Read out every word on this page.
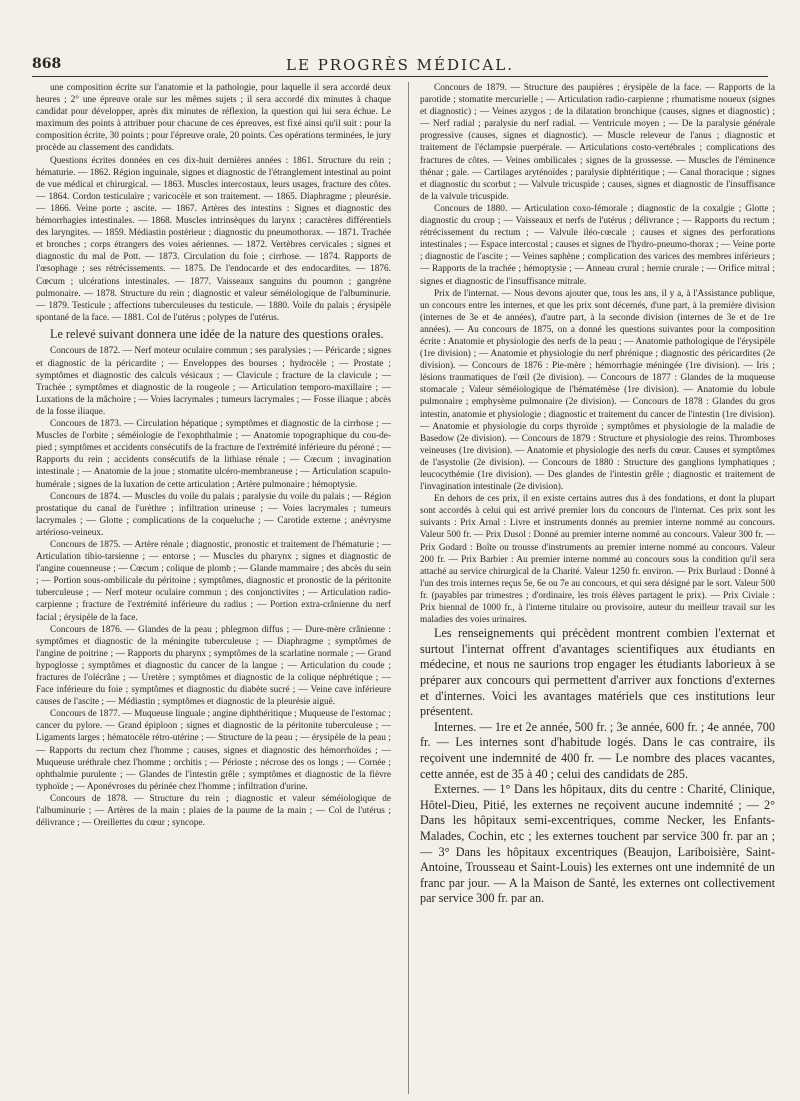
868	LE PROGRÈS MÉDICAL.

une composition écrite sur l'anatomie et la pathologie, pour laquelle il sera accordé deux heures ; 2° une épreuve orale sur les mêmes sujets ; il sera accordé dix minutes à chaque candidat pour développer, après dix minutes de réflexion, la question qui lui sera échue. Le maximum des points à attribuer pour chacune de ces épreuves, est fixé ainsi qu'il suit : pour la composition écrite, 30 points ; pour l'épreuve orale, 20 points. Ces opérations terminées, le jury procède au classement des candidats.

Questions écrites données en ces dix-huit dernières années : 1861. Structure du rein ; hématurie. — 1862. Région inguinale, signes et diagnostic de l'étranglement intestinal au point de vue médical et chirurgical. — 1863. Muscles intercostaux, leurs usages, fracture des côtes. — 1864. Cordon testiculaire ; varicocèle et son traitement. — 1865. Diaphragme ; pleurésie. — 1866. Veine porte ; ascite. — 1867. Artères des intestins : Signes et diagnostic des hémorrhagies intestinales. — 1868. Muscles intrinsèques du larynx ; caractères différentiels des laryngites. — 1859. Médiastin postérieur ; diagnostic du pneumothorax. — 1871. Trachée et bronches ; corps étrangers des voies aériennes. — 1872. Vertèbres cervicales ; signes et diagnostic du mal de Pott. — 1873. Circulation du foie ; cirrhose. — 1874. Rapports de l'œsophage ; ses rétrécissements. — 1875. De l'endocarde et des endocardites. — 1876. Cœcum ; ulcérations intestinales. — 1877. Vaisseaux sanguins du poumon ; gangrène pulmonaire. — 1878. Structure du rein ; diagnostic et valeur séméiologique de l'albuminurie. — 1879. Testicule ; affections tuberculeuses du testicule. — 1880. Voile du palais ; érysipèle spontané de la face. — 1881. Col de l'utérus ; polypes de l'utérus.

Le relevé suivant donnera une idée de la nature des questions orales.

Concours de 1872. — Nerf moteur oculaire commun ; ses paralysies ; — Péricarde ; signes et diagnostic de la péricardite ; — Enveloppes des bourses ; hydrocèle ; — Prostate ; symptômes et diagnostic des calculs vésicaux ; — Clavicule ; fracture de la clavicule ; — Trachée ; symptômes et diagnostic de la rougeole ; — Articulation temporo-maxillaire ; — Luxations de la mâchoire ; — Voies lacrymales ; tumeurs lacrymales ; — Fosse iliaque ; abcès de la fosse iliaque.

Concours de 1873. — Circulation hépatique ; symptômes et diagnostic de la cirrhose ; — Muscles de l'orbite ; séméiologie de l'exophthalmie ; — Anatomie topographique du cou-de-pied ; symptômes et accidents consécutifs de la fracture de l'extrémité inférieure du péroné ; — Rapports du rein ; accidents consécutifs de la lithiase rénale ; — Cœcum ; invagination intestinale ; — Anatomie de la joue ; stomatite ulcéro-membraneuse ; — Articulation scapulo-humérale ; signes de la luxation de cette articulation ; Artère pulmonaire ; hémoptysie.

Concours de 1874. — Muscles du voile du palais ; paralysie du voile du palais ; — Région prostatique du canal de l'urèthre ; infiltration urineuse ; — Voies lacrymales ; tumeurs lacrymales ; — Glotte ; complications de la coqueluche ; — Carotide externe ; anévrysme artérioso-veineux.

Concours de 1875. — Artère rénale ; diagnostic, pronostic et traitement de l'hématurie ; — Articulation tibio-tarsienne ; — entorse ; — Muscles du pharynx ; signes et diagnostic de l'angine couenneuse ; — Cœcum ; colique de plomb ; — Glande mammaire ; des abcès du sein ; — Portion sous-ombilicale du péritoine ; symptômes, diagnostic et pronostic de la péritonite tuberculeuse ; — Nerf moteur oculaire commun ; des conjonctivites ; — Articulation radio-carpienne ; fracture de l'extrémité inférieure du radius ; — Portion extra-crânienne du nerf facial ; érysipèle de la face.

Concours de 1876. — Glandes de la peau ; phlegmon diffus ; — Dure-mère crânienne : symptômes et diagnostic de la méningite tuberculeuse ; — Diaphragme ; symptômes de l'angine de poitrine ; — Rapports du pharynx ; symptômes de la scarlatine normale ; — Grand hypoglosse ; symptômes et diagnostic du cancer de la langue ; — Articulation du coude ; fractures de l'olécrâne ; — Uretère ; symptômes et diagnostic de la colique néphrétique ; — Face inférieure du foie ; symptômes et diagnostic du diabète sucré ; — Veine cave inférieure causes de l'ascite ; — Médiastin ; symptômes et diagnostic de la pleurésie aiguë.

Concours de 1877. — Muqueuse linguale ; angine diphthéritique ; Muqueuse de l'estomac ; cancer du pylore. — Grand épiploon ; signes et diagnostic de la péritonite tuberculeuse ; — Ligaments larges ; hématocèle rétro-utérine ; — Structure de la peau ; — érysipèle de la peau ; — Rapports du rectum chez l'homme ; causes, signes et diagnostic des hémorrhoïdes ; — Muqueuse uréthrale chez l'homme ; orchitis ; — Périoste ; nécrose des os longs ; — Cornée ; ophthalmie purulente ; — Glandes de l'intestin grêle ; symptômes et diagnostic de la fièvre typhoïde ; — Aponévroses du périnée chez l'homme ; infiltration d'urine.

Concours de 1878. — Structure du rein ; diagnostic et valeur séméiologique de l'albuminurie ; — Artères de la main ; plaies de la paume de la main ; — Col de l'utérus ; délivrance ; — Oreillettes du cœur ; syncope.

Concours de 1879. — Structure des paupières ; érysipèle de la face. — Rapports de la parotide ; stomatite mercurielle ; — Articulation radio-carpienne ; rhumatisme noueux (signes et diagnostic) ; — Veines azygos ; de la dilatation bronchique (causes, signes et diagnostic) ; — Nerf radial ; paralysie du nerf radial. — Ventricule moyen ; — De la paralysie générale progressive (causes, signes et diagnostic). — Muscle releveur de l'anus ; diagnostic et traitement de l'éclampsie puerpérale. — Articulations costo-vertébrales ; complications des fractures de côtes. — Veines ombilicales ; signes de la grossesse. — Muscles de l'éminence thénar ; gale. — Cartilages aryténoïdes ; paralysie diphtéritique ; — Canal thoracique ; signes et diagnostic du scorbut ; — Valvule tricuspide ; causes, signes et diagnostic de l'insuffisance de la valvule tricuspide.

Concours de 1880. — Articulation coxo-fémorale ; diagnostic de la coxalgie ; Glotte ; diagnostic du croup ; — Vaisseaux et nerfs de l'utérus ; délivrance ; — Rapports du rectum ; rétrécissement du rectum ; — Valvule iléo-cœcale ; causes et signes des perforations intestinales ; — Espace intercostal ; causes et signes de l'hydro-pneumo-thorax ; — Veine porte ; diagnostic de l'ascite ; — Veines saphène ; complication des varices des membres inférieurs ; — Rapports de la trachée ; hémoptysie ; — Anneau crural ; hernie crurale ; — Orifice mitral ; signes et diagnostic de l'insuffisance mitrale.

Prix de l'internat. — Nous devons ajouter que, tous les ans, il y a, à l'Assistance publique, un concours entre les internes, et que les prix sont décernés, d'une part, à la première division (internes de 3e et 4e années), d'autre part, à la seconde division (internes de 3e et de 1re années). — Au concours de 1875, on a donné les questions suivantes pour la composition écrite : Anatomie et physiologie des nerfs de la peau ; — Anatomie pathologique de l'érysipèle (1re division) ; — Anatomie et physiologie du nerf phrénique ; diagnostic des péricardites (2e division). — Concours de 1876 : Pie-mère ; hémorrhagie méningée (1re division). — Iris ; lésions traumatiques de l'œil (2e division). — Concours de 1877 : Glandes de la muqueuse stomacale ; Valeur séméiologique de l'hématémèse (1re division). — Anatomie du lobule pulmonaire ; emphysème pulmonaire (2e division). — Concours de 1878 : Glandes du gros intestin, anatomie et physiologie ; diagnostic et traitement du cancer de l'intestin (1re division). — Anatomie et physiologie du corps thyroïde ; symptômes et physiologie de la maladie de Basedow (2e division). — Concours de 1879 : Structure et physiologie des reins. Thromboses veineuses (1re division). — Anatomie et physiologie des nerfs du cœur. Causes et symptômes de l'asystolie (2e division). — Concours de 1880 : Structure des ganglions lymphatiques ; leucocythémie (1re division). — Des glandes de l'intestin grêle ; diagnostic et traitement de l'invagination intestinale (2e division).

En dehors de ces prix, il en existe certains autres dus à des fondations, et dont la plupart sont accordés à celui qui est arrivé premier lors du concours de l'internat. Ces prix sont les suivants : Prix Arnal : Livre et instruments donnés au premier interne nommé au concours. Valeur 500 fr. — Prix Dusol : Donné au premier interne nommé au concours. Valeur 300 fr. — Prix Godard : Boîte ou trousse d'instruments au premier interne nommé au concours. Valeur 200 fr. — Prix Barbier : Au premier interne nommé au concours sous la condition qu'il sera attaché au service chirurgical de la Charité. Valeur 1250 fr. environ. — Prix Burlaud : Donné à l'un des trois internes reçus 5e, 6e ou 7e au concours, et qui sera désigné par le sort. Valeur 500 fr. (payables par trimestres ; d'ordinaire, les trois élèves partagent le prix). — Prix Civiale : Prix biennal de 1000 fr., à l'interne titulaire ou provisoire, auteur du meilleur travail sur les maladies des voies urinaires.

Les renseignements qui précèdent montrent combien l'externat et surtout l'internat offrent d'avantages scientifiques aux étudiants en médecine, et nous ne saurions trop engager les étudiants laborieux à se préparer aux concours qui permettent d'arriver aux fonctions d'externes et d'internes. Voici les avantages matériels que ces institutions leur présentent.

Internes. — 1re et 2e année, 500 fr. ; 3e année, 600 fr. ; 4e année, 700 fr. — Les internes sont d'habitude logés. Dans le cas contraire, ils reçoivent une indemnité de 400 fr. — Le nombre des places vacantes, cette année, est de 35 à 40 ; celui des candidats de 285.

Externes. — 1° Dans les hôpitaux, dits du centre : Charité, Clinique, Hôtel-Dieu, Pitié, les externes ne reçoivent aucune indemnité ; — 2° Dans les hôpitaux semi-excentriques, comme Necker, les Enfants-Malades, Cochin, etc ; les externes touchent par service 300 fr. par an ; — 3° Dans les hôpitaux excentriques (Beaujon, Lariboisière, Saint-Antoine, Trousseau et Saint-Louis) les externes ont une indemnité de un franc par jour. — A la Maison de Santé, les externes ont collectivement par service 300 fr. par an.
